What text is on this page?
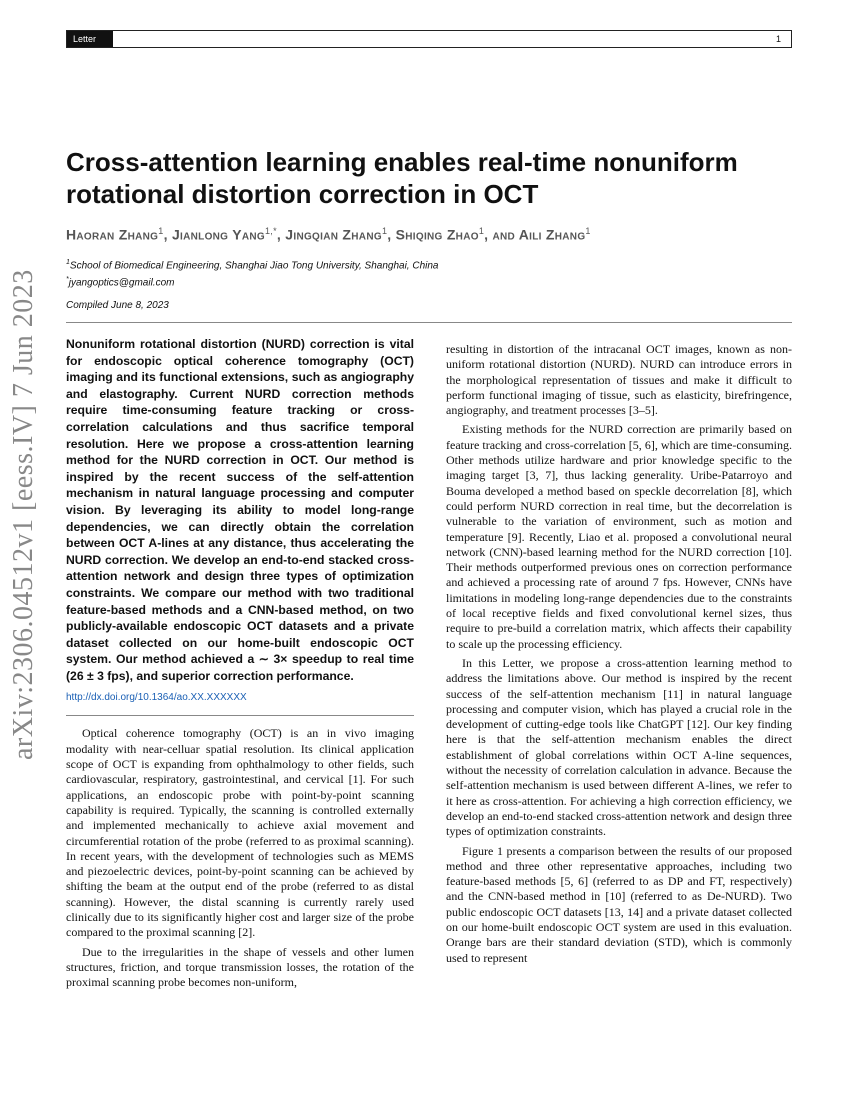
Letter	1
arXiv:2306.04512v1 [eess.IV] 7 Jun 2023
Cross-attention learning enables real-time nonuniform rotational distortion correction in OCT
Haoran Zhang$^1$, Jianlong Yang$^{1,*}$, Jingqian Zhang$^1$, Shiqing Zhao$^1$, and Aili Zhang$^1$
$^1$School of Biomedical Engineering, Shanghai Jiao Tong University, Shanghai, China
*jyangoptics@gmail.com
Compiled June 8, 2023

Nonuniform rotational distortion (NURD) correction is vital for endoscopic optical coherence tomography (OCT) imaging and its functional extensions, such as angiography and elastography. Current NURD correction methods require time-consuming feature tracking or cross-correlation calculations and thus sacrifice temporal resolution. Here we propose a cross-attention learning method for the NURD correction in OCT. Our method is inspired by the recent success of the self-attention mechanism in natural language processing and computer vision. By leveraging its ability to model long-range dependencies, we can directly obtain the correlation between OCT A-lines at any distance, thus accelerating the NURD correction. We develop an end-to-end stacked cross-attention network and design three types of optimization constraints. We compare our method with two traditional feature-based methods and a CNN-based method, on two publicly-available endoscopic OCT datasets and a private dataset collected on our home-built endoscopic OCT system. Our method achieved a ∼ 3× speedup to real time (26 ± 3 fps), and superior correction performance.

http://dx.doi.org/10.1364/ao.XX.XXXXXX

Optical coherence tomography (OCT) is an in vivo imaging modality with near-celluar spatial resolution. Its clinical application scope of OCT is expanding from ophthalmology to other fields, such cardiovascular, respiratory, gastrointestinal, and cervical [1]. For such applications, an endoscopic probe with point-by-point scanning capability is required. Typically, the scanning is controlled externally and implemented mechanically to achieve axial movement and circumferential rotation of the probe (referred to as proximal scanning). In recent years, with the development of technologies such as MEMS and piezoelectric devices, point-by-point scanning can be achieved by shifting the beam at the output end of the probe (referred to as distal scanning). However, the distal scanning is currently rarely used clinically due to its significantly higher cost and larger size of the probe compared to the proximal scanning [2].

Due to the irregularities in the shape of vessels and other lumen structures, friction, and torque transmission losses, the rotation of the proximal scanning probe becomes non-uniform,

resulting in distortion of the intracanal OCT images, known as non-uniform rotational distortion (NURD). NURD can introduce errors in the morphological representation of tissues and make it difficult to perform functional imaging of tissue, such as elasticity, birefringence, angiography, and treatment processes [3–5].

Existing methods for the NURD correction are primarily based on feature tracking and cross-correlation [5, 6], which are time-consuming. Other methods utilize hardware and prior knowledge specific to the imaging target [3, 7], thus lacking generality. Uribe-Patarroyo and Bouma developed a method based on speckle decorrelation [8], which could perform NURD correction in real time, but the decorrelation is vulnerable to the variation of environment, such as motion and temperature [9]. Recently, Liao et al. proposed a convolutional neural network (CNN)-based learning method for the NURD correction [10]. Their methods outperformed previous ones on correction performance and achieved a processing rate of around 7 fps. However, CNNs have limitations in modeling long-range dependencies due to the constraints of local receptive fields and fixed convolutional kernel sizes, thus require to pre-build a correlation matrix, which affects their capability to scale up the processing efficiency.

In this Letter, we propose a cross-attention learning method to address the limitations above. Our method is inspired by the recent success of the self-attention mechanism [11] in natural language processing and computer vision, which has played a crucial role in the development of cutting-edge tools like ChatGPT [12]. Our key finding here is that the self-attention mechanism enables the direct establishment of global correlations within OCT A-line sequences, without the necessity of correlation calculation in advance. Because the self-attention mechanism is used between different A-lines, we refer to it here as cross-attention. For achieving a high correction efficiency, we develop an end-to-end stacked cross-attention network and design three types of optimization constraints.

Figure 1 presents a comparison between the results of our proposed method and three other representative approaches, including two feature-based methods [5, 6] (referred to as DP and FT, respectively) and the CNN-based method in [10] (referred to as De-NURD). Two public endoscopic OCT datasets [13, 14] and a private dataset collected on our home-built endoscopic OCT system are used in this evaluation. Orange bars are their standard deviation (STD), which is commonly used to represent
